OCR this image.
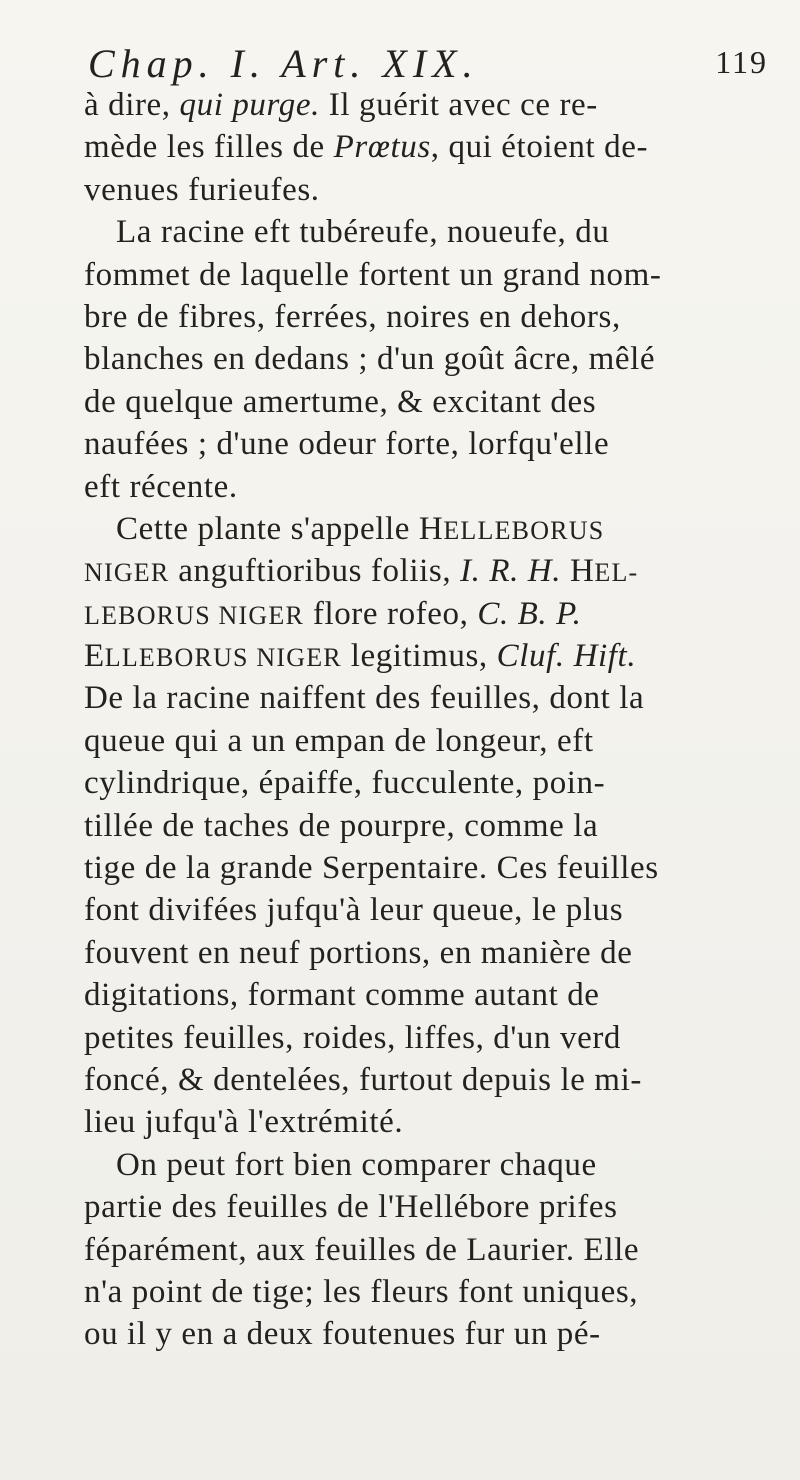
Chap. I. Art. XIX.	119
à dire, qui purge. Il guérit avec ce re-
mède les filles de Prœtus, qui étoient de-
venues furieufes.
La racine eft tubéreufe, noueufe, du
fommet de laquelle fortent un grand nom-
bre de fibres, ferrées, noires en dehors,
blanches en dedans ; d'un goût âcre, mêlé
de quelque amertume, & excitant des
naufées ; d'une odeur forte, lorfqu'elle
eft récente.
Cette plante s'appelle HELLEBORUS
NIGER anguftioribus foliis, I. R. H. HEL-
LEBORUS NIGER flore rofeo, C. B. P.
ELLEBORUS NIGER legitimus, Cluf. Hift.
De la racine naiffent des feuilles, dont la
queue qui a un empan de longeur, eft
cylindrique, épaiffe, fucculente, poin-
tillée de taches de pourpre, comme la
tige de la grande Serpentaire. Ces feuilles
font divifées jufqu'à leur queue, le plus
fouvent en neuf portions, en manière de
digitations, formant comme autant de
petites feuilles, roides, liffes, d'un verd
foncé, & dentelées, furtout depuis le mi-
lieu jufqu'à l'extrémité.
On peut fort bien comparer chaque
partie des feuilles de l'Hellébore prifes
féparément, aux feuilles de Laurier. Elle
n'a point de tige; les fleurs font uniques,
ou il y en a deux foutenues fur un pé-
